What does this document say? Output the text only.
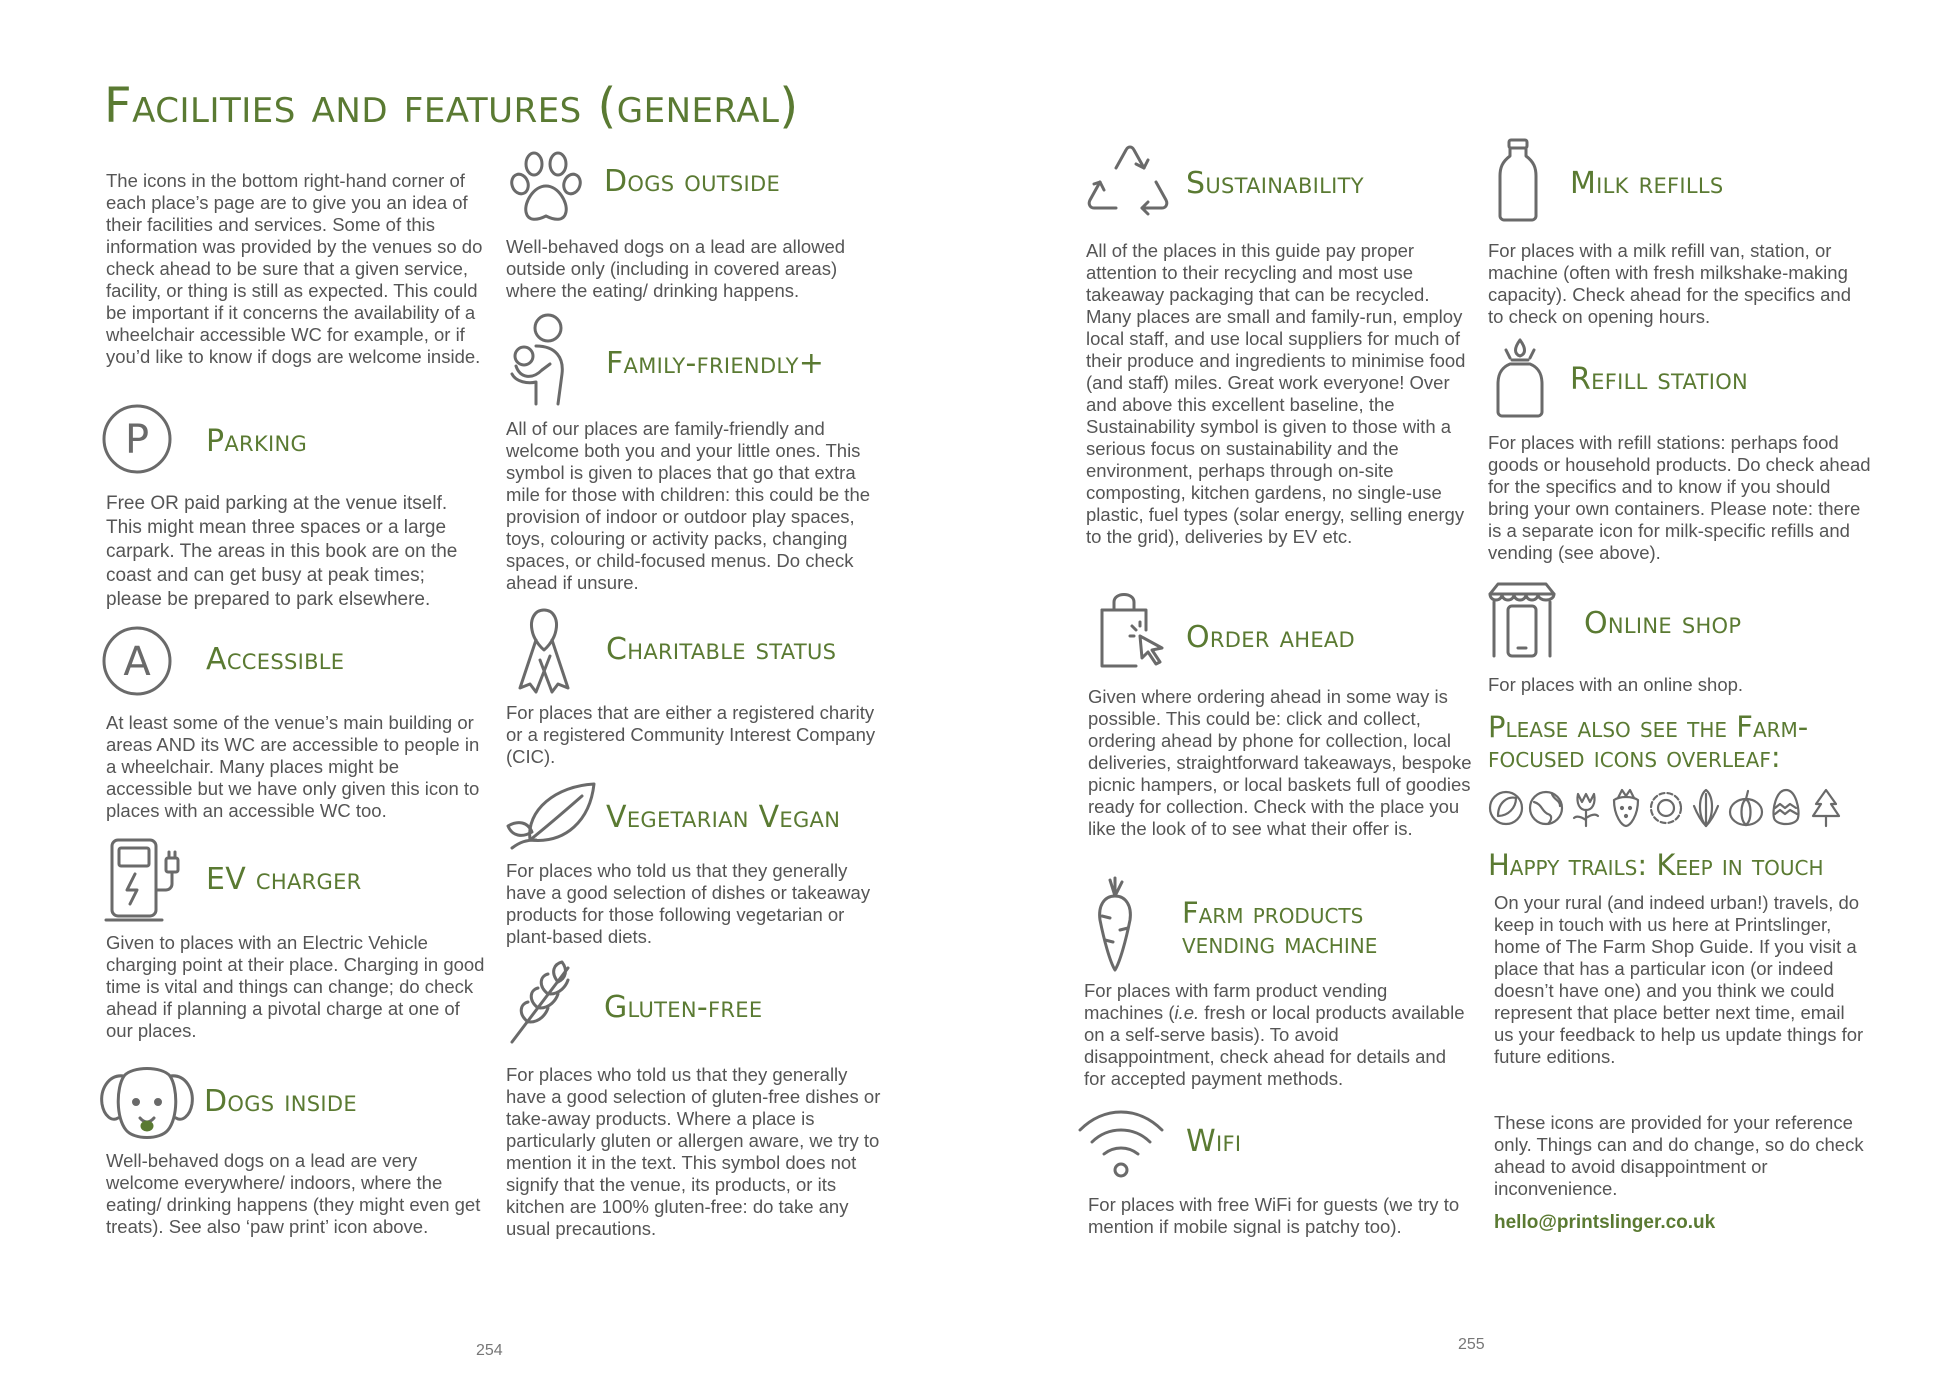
Facilities and features (general)
The icons in the bottom right-hand corner of each place’s page are to give you an idea of their facilities and services. Some of this information was provided by the venues so do check ahead to be sure that a given service, facility, or thing is still as expected. This could be important if it concerns the availability of a wheelchair accessible WC for example, or if you’d like to know if dogs are welcome inside.
P Parking
Free OR paid parking at the venue itself. This might mean three spaces or a large carpark. The areas in this book are on the coast and can get busy at peak times; please be prepared to park elsewhere.
A Accessible
At least some of the venue’s main building or areas AND its WC are accessible to people in a wheelchair. Many places might be accessible but we have only given this icon to places with an accessible WC too.
EV charger
Given to places with an Electric Vehicle charging point at their place. Charging in good time is vital and things can change; do check ahead if planning a pivotal charge at one of our places.
Dogs inside
Well-behaved dogs on a lead are very welcome everywhere/ indoors, where the eating/ drinking happens (they might even get treats). See also ‘paw print’ icon above.
Dogs outside
Well-behaved dogs on a lead are allowed outside only (including in covered areas) where the eating/ drinking happens.
Family-friendly+
All of our places are family-friendly and welcome both you and your little ones. This symbol is given to places that go that extra mile for those with children: this could be the provision of indoor or outdoor play spaces, toys, colouring or activity packs, changing spaces, or child-focused menus. Do check ahead if unsure.
Charitable status
For places that are either a registered charity or a registered Community Interest Company (CIC).
Vegetarian Vegan
For places who told us that they generally have a good selection of dishes or takeaway products for those following vegetarian or plant-based diets.
Gluten-free
For places who told us that they generally have a good selection of gluten-free dishes or take-away products. Where a place is particularly gluten or allergen aware, we try to mention it in the text. This symbol does not signify that the venue, its products, or its kitchen are 100% gluten-free: do take any usual precautions.
254
Sustainability
All of the places in this guide pay proper attention to their recycling and most use takeaway packaging that can be recycled. Many places are small and family-run, employ local staff, and use local suppliers for much of their produce and ingredients to minimise food (and staff) miles. Great work everyone! Over and above this excellent baseline, the Sustainability symbol is given to those with a serious focus on sustainability and the environment, perhaps through on-site composting, kitchen gardens, no single-use plastic, fuel types (solar energy, selling energy to the grid), deliveries by EV etc.
Order ahead
Given where ordering ahead in some way is possible. This could be: click and collect, ordering ahead by phone for collection, local deliveries, straightforward takeaways, bespoke picnic hampers, or local baskets full of goodies ready for collection. Check with the place you like the look of to see what their offer is.
Farm products
vending machine
For places with farm product vending machines (i.e. fresh or local products available on a self-serve basis). To avoid disappointment, check ahead for details and for accepted payment methods.
Wifi
For places with free WiFi for guests (we try to mention if mobile signal is patchy too).
Milk refills
For places with a milk refill van, station, or machine (often with fresh milkshake-making capacity). Check ahead for the specifics and to check on opening hours.
Refill station
For places with refill stations: perhaps food goods or household products. Do check ahead for the specifics and to know if you should bring your own containers. Please note: there is a separate icon for milk-specific refills and vending (see above).
Online shop
For places with an online shop.
Please also see the Farm-
focused icons overleaf:
Happy trails: Keep in touch
On your rural (and indeed urban!) travels, do keep in touch with us here at Printslinger, home of The Farm Shop Guide. If you visit a place that has a particular icon (or indeed doesn’t have one) and you think we could represent that place better next time, email us your feedback to help us update things for future editions.
These icons are provided for your reference only. Things can and do change, so do check ahead to avoid disappointment or inconvenience.
hello@printslinger.co.uk
255
